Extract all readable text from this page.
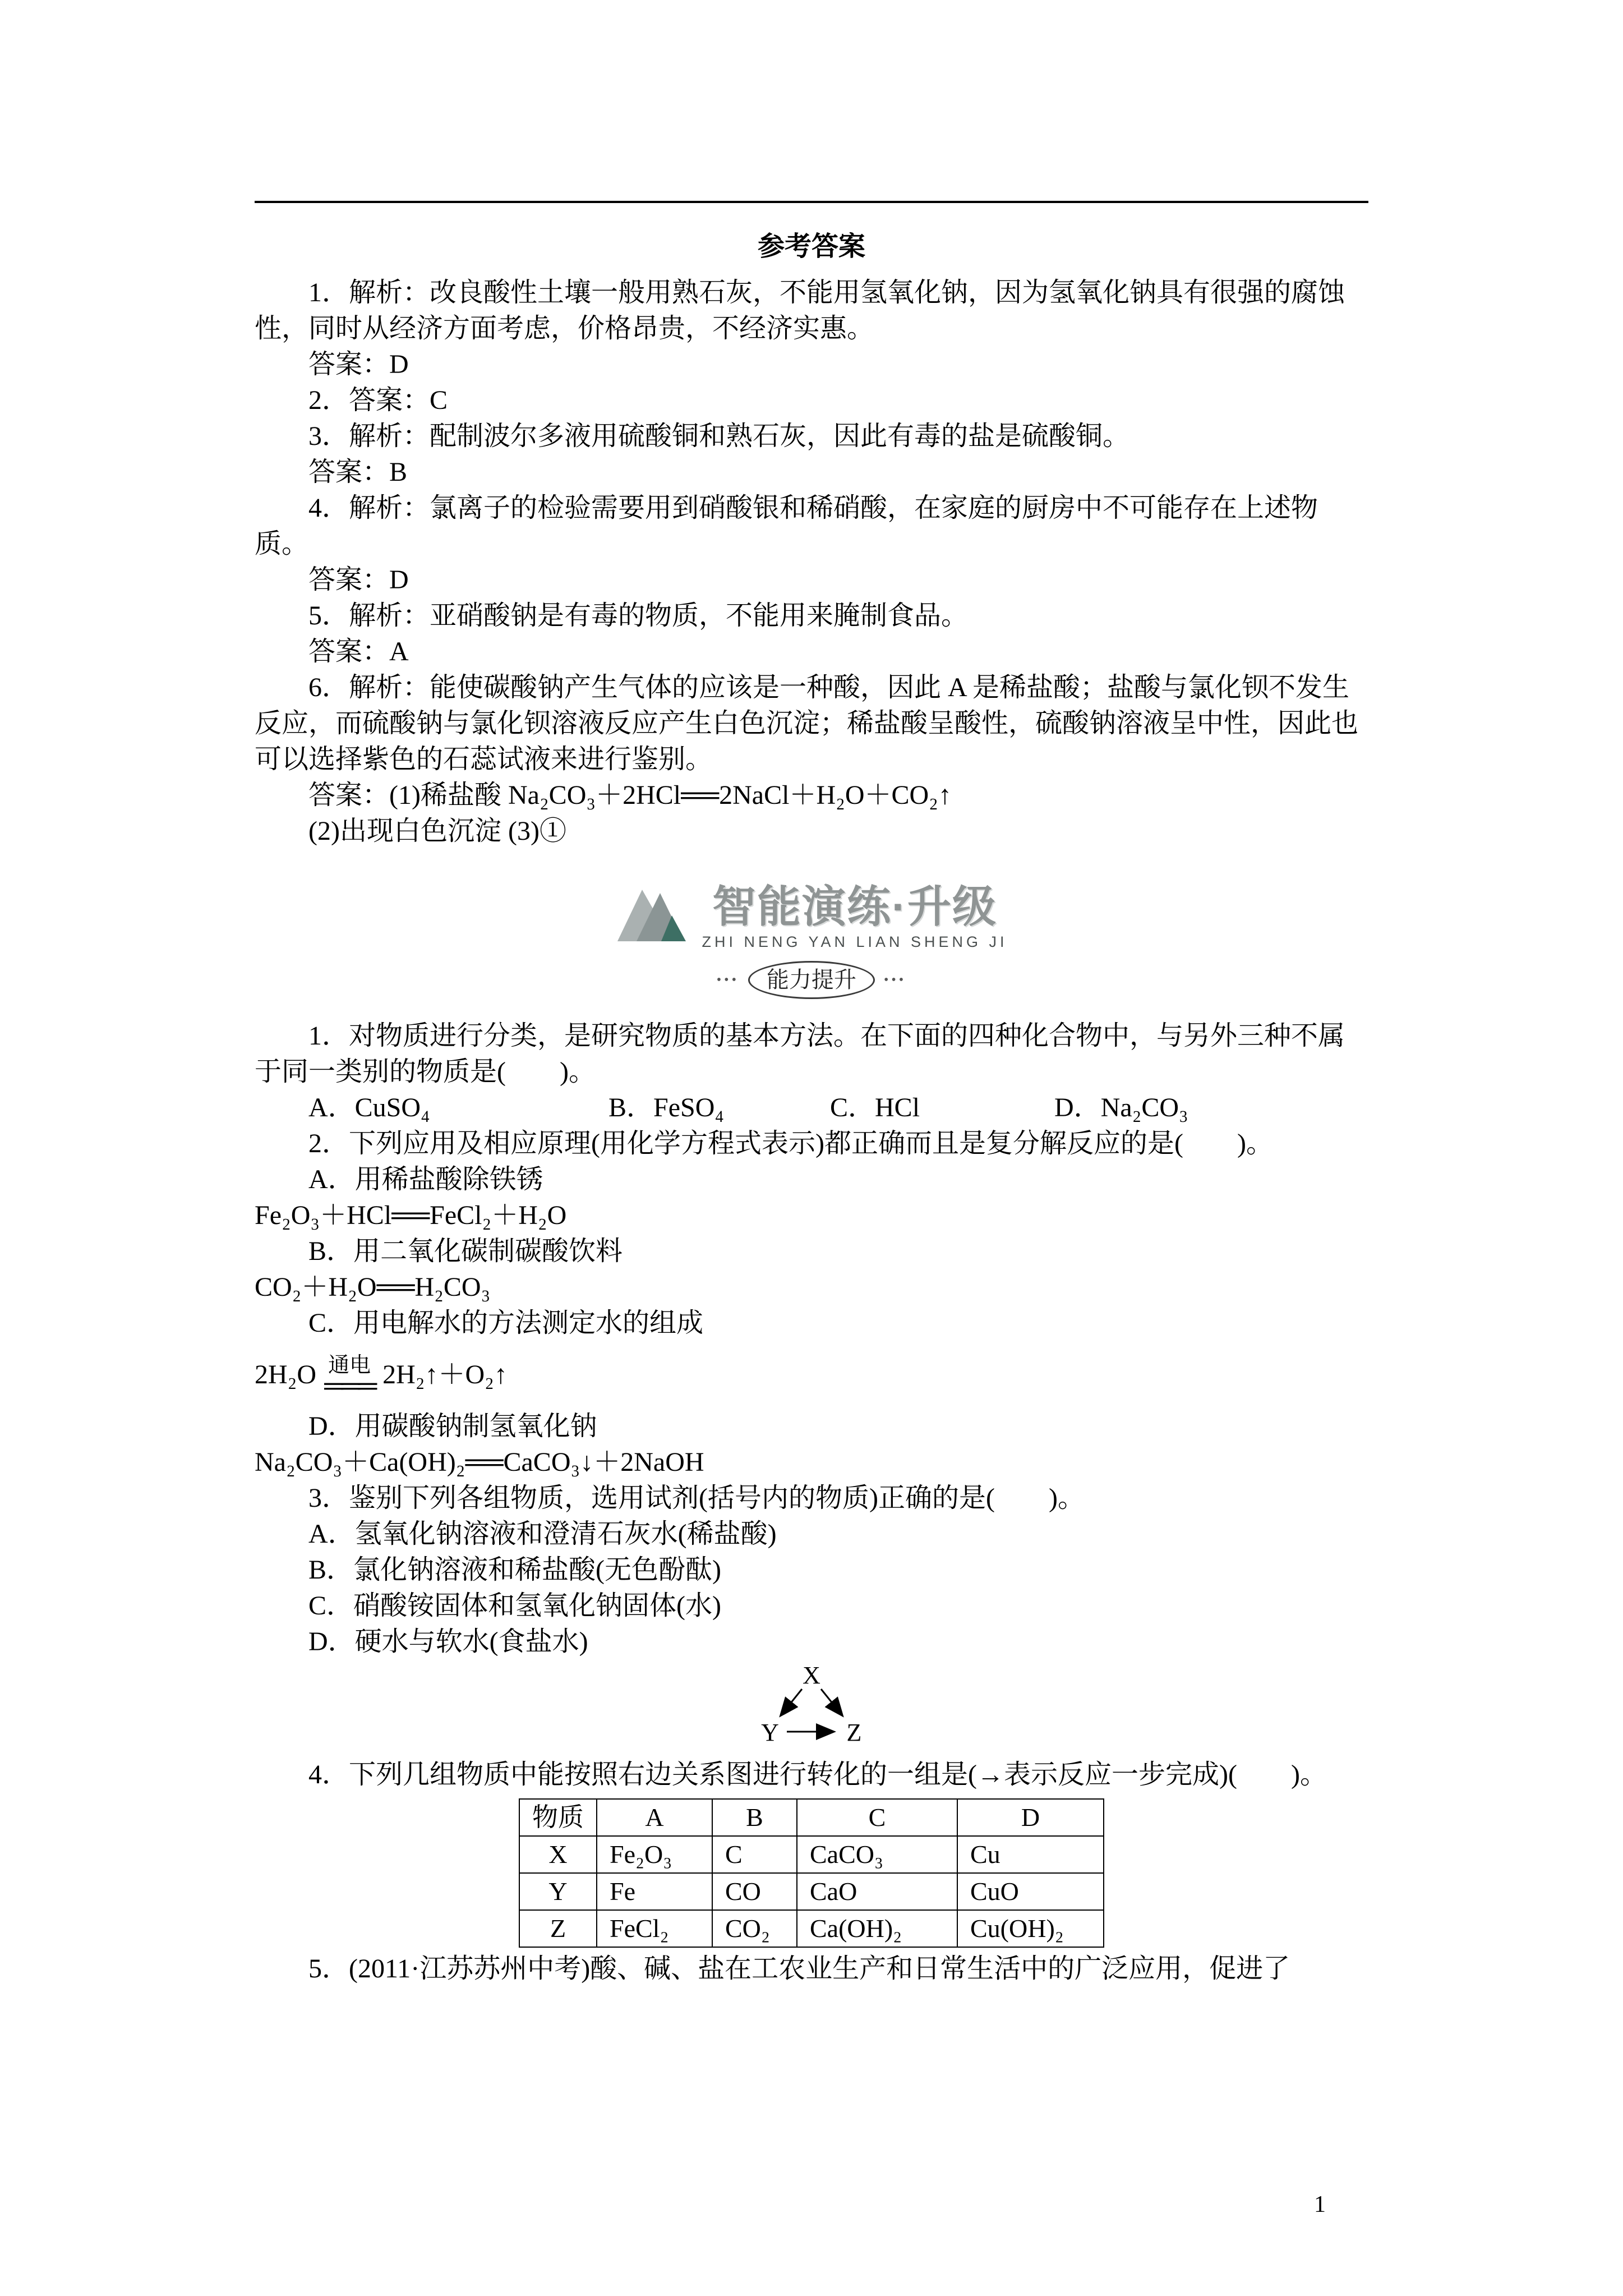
参考答案

1．解析：改良酸性土壤一般用熟石灰，不能用氢氧化钠，因为氢氧化钠具有很强的腐蚀性，同时从经济方面考虑，价格昂贵，不经济实惠。

答案：D

2．答案：C

3．解析：配制波尔多液用硫酸铜和熟石灰，因此有毒的盐是硫酸铜。

答案：B

4．解析：氯离子的检验需要用到硝酸银和稀硝酸，在家庭的厨房中不可能存在上述物质。

答案：D

5．解析：亚硝酸钠是有毒的物质，不能用来腌制食品。

答案：A

6．解析：能使碳酸钠产生气体的应该是一种酸，因此 A 是稀盐酸；盐酸与氯化钡不发生反应，而硫酸钠与氯化钡溶液反应产生白色沉淀；稀盐酸呈酸性，硫酸钠溶液呈中性，因此也可以选择紫色的石蕊试液来进行鉴别。

答案：(1)稀盐酸 Na₂CO₃＋2HCl══2NaCl＋H₂O＋CO₂↑

(2)出现白色沉淀 (3)①

智能演练·升级
ZHI NENG YAN LIAN SHENG JI
•••	能力提升	•••

1．对物质进行分类，是研究物质的基本方法。在下面的四种化合物中，与另外三种不属于同一类别的物质是(　　)。

A．CuSO₄	B．FeSO₄	C．HCl	D．Na₂CO₃

2．下列应用及相应原理(用化学方程式表示)都正确而且是复分解反应的是(　　)。

A．用稀盐酸除铁锈

Fe₂O₃＋HCl══FeCl₂＋H₂O

B．用二氧化碳制碳酸饮料

CO₂＋H₂O══H₂CO₃

C．用电解水的方法测定水的组成

2H₂O 通电
═══ 2H₂↑＋O₂↑

D．用碳酸钠制氢氧化钠

Na₂CO₃＋Ca(OH)₂══CaCO₃↓＋2NaOH

3．鉴别下列各组物质，选用试剂(括号内的物质)正确的是(　　)。

A．氢氧化钠溶液和澄清石灰水(稀盐酸)

B．氯化钠溶液和稀盐酸(无色酚酞)

C．硝酸铵固体和氢氧化钠固体(水)

D．硬水与软水(食盐水)

X
Y	Z

4．下列几组物质中能按照右边关系图进行转化的一组是(→表示反应一步完成)(　　)。

物质	A	B	C	D
X	Fe₂O₃	C	CaCO₃	Cu
Y	Fe	CO	CaO	CuO
Z	FeCl₂	CO₂	Ca(OH)₂	Cu(OH)₂

5．(2011·江苏苏州中考)酸、碱、盐在工农业生产和日常生活中的广泛应用，促进了

1
